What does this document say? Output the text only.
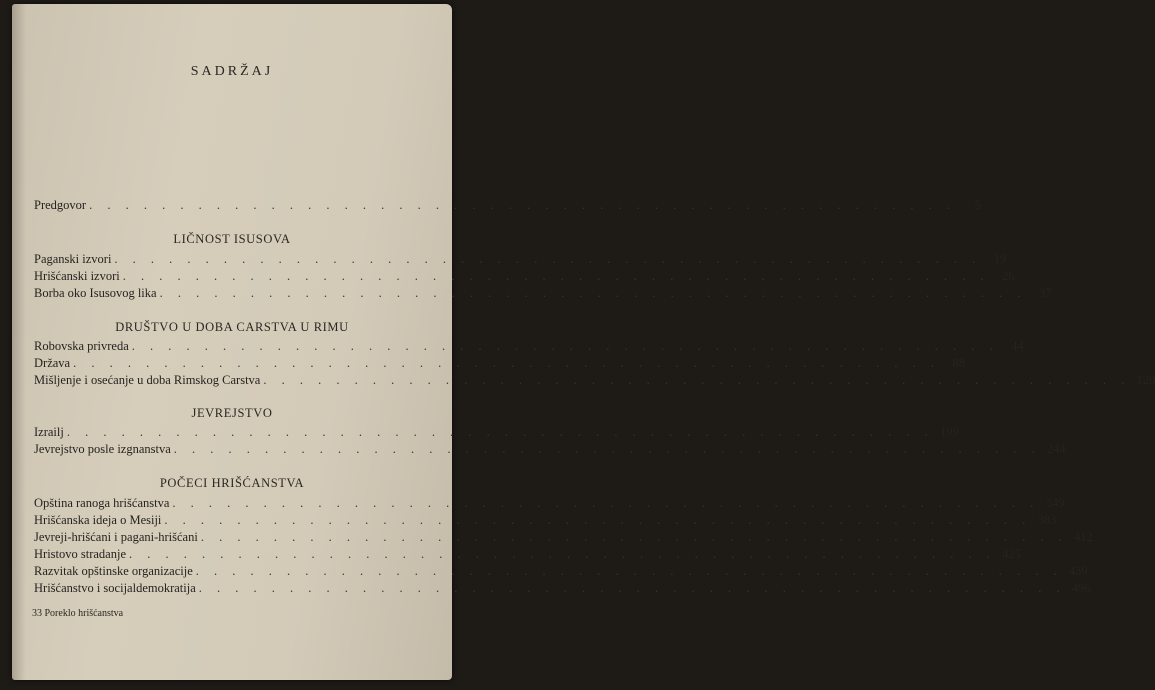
SADRŽAJ
Predgovor . . . . . . . . . . . . . . . . . . . . . . . . . . . . . . . . . . . . . . . . . . . . . . . .	5
LIČNOST ISUSOVA
Paganski izvori . . . . . . . . . . . . . . . . . . . . . . . . . . . . . . . . . . . . . . . . . . . . . . . .	19
Hrišćanski izvori . . . . . . . . . . . . . . . . . . . . . . . . . . . . . . . . . . . . . . . . . . . . . . . .	26
Borba oko Isusovog lika . . . . . . . . . . . . . . . . . . . . . . . . . . . . . . . . . . . . . . . . . . . . . . . .	37
DRUŠTVO U DOBA CARSTVA U RIMU
Robovska privreda . . . . . . . . . . . . . . . . . . . . . . . . . . . . . . . . . . . . . . . . . . . . . . . .	44
Država . . . . . . . . . . . . . . . . . . . . . . . . . . . . . . . . . . . . . . . . . . . . . . . .	88
Mišljenje i osećanje u doba Rimskog Carstva . . . . . . . . . . . . . . . . . . . . . . . . . . . . . . . . . . . . . . . . . . . . . . . . 120
JEVREJSTVO
Izrailj . . . . . . . . . . . . . . . . . . . . . . . . . . . . . . . . . . . . . . . . . . . . . . . . 199
Jevrejstvo posle izgnanstva . . . . . . . . . . . . . . . . . . . . . . . . . . . . . . . . . . . . . . . . . . . . . . . . 244
POČECI HRIŠĆANSTVA
Opština ranoga hrišćanstva . . . . . . . . . . . . . . . . . . . . . . . . . . . . . . . . . . . . . . . . . . . . . . . . 349
Hrišćanska ideja o Mesiji . . . . . . . . . . . . . . . . . . . . . . . . . . . . . . . . . . . . . . . . . . . . . . . . 383
Jevreji-hrišćani i pagani-hrišćani . . . . . . . . . . . . . . . . . . . . . . . . . . . . . . . . . . . . . . . . . . . . . . . . 412
Hristovo stradanje . . . . . . . . . . . . . . . . . . . . . . . . . . . . . . . . . . . . . . . . . . . . . . . . 425
Razvitak opštinske organizacije . . . . . . . . . . . . . . . . . . . . . . . . . . . . . . . . . . . . . . . . . . . . . . . . 439
Hrišćanstvo i socijaldemokratija . . . . . . . . . . . . . . . . . . . . . . . . . . . . . . . . . . . . . . . . . . . . . . . . 496
33 Poreklo hrišćanstva
